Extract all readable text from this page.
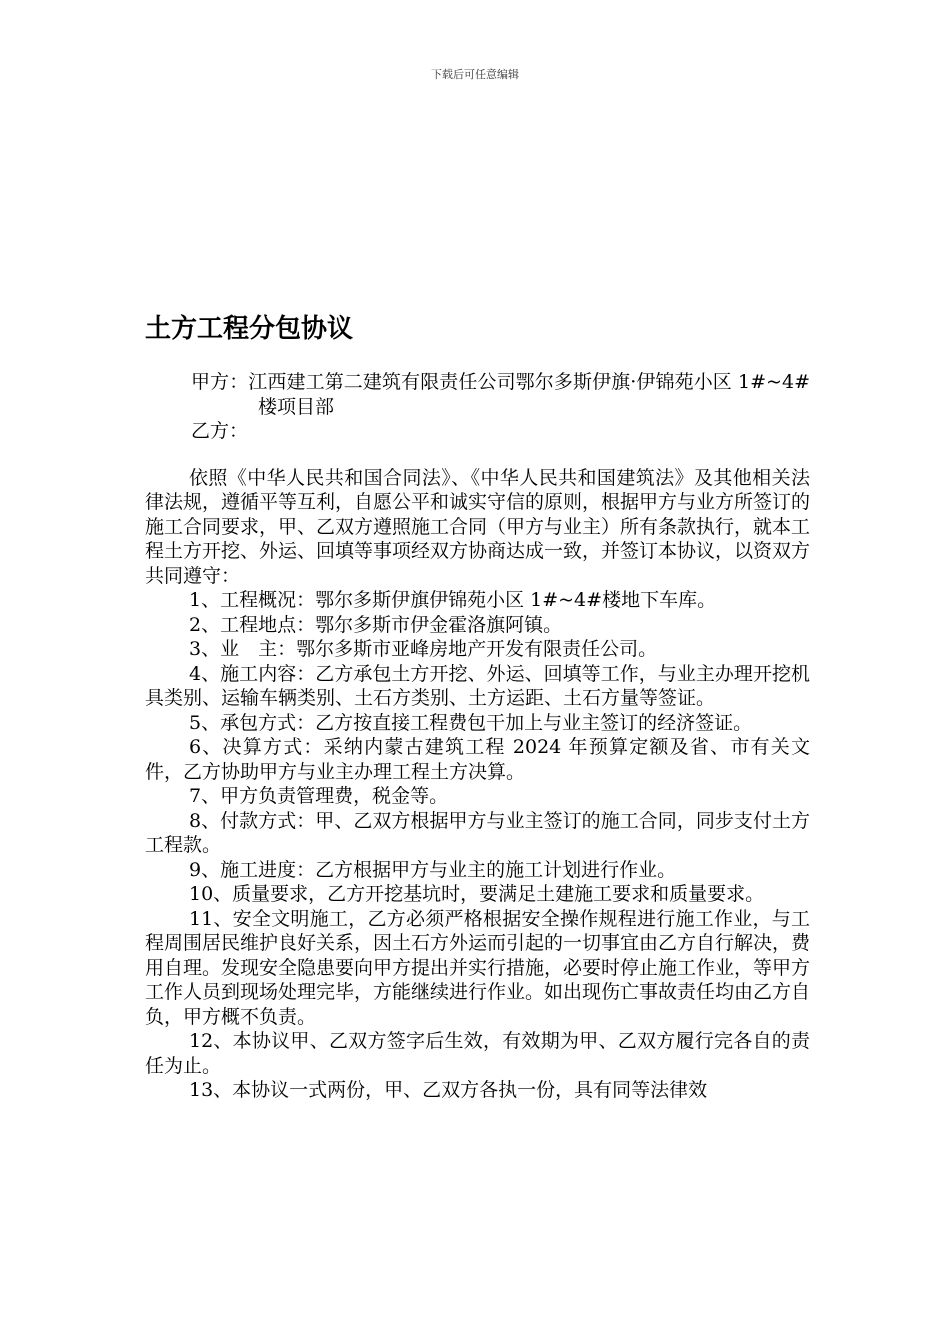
下载后可任意编辑
土方工程分包协议

甲方：江西建工第二建筑有限责任公司鄂尔多斯伊旗·伊锦苑小区 1#~4#楼项目部

乙方：

依照《中华人民共和国合同法》、《中华人民共和国建筑法》及其他相关法律法规，遵循平等互利，自愿公平和诚实守信的原则，根据甲方与业方所签订的施工合同要求，甲、乙双方遵照施工合同（甲方与业主）所有条款执行，就本工程土方开挖、外运、回填等事项经双方协商达成一致，并签订本协议，以资双方共同遵守：

1、工程概况：鄂尔多斯伊旗伊锦苑小区 1#~4#楼地下车库。

2、工程地点：鄂尔多斯市伊金霍洛旗阿镇。

3、业　主：鄂尔多斯市亚峰房地产开发有限责任公司。

4、施工内容：乙方承包土方开挖、外运、回填等工作，与业主办理开挖机具类别、运输车辆类别、土石方类别、土方运距、土石方量等签证。

5、承包方式：乙方按直接工程费包干加上与业主签订的经济签证。

6、决算方式：采纳内蒙古建筑工程 2024 年预算定额及省、市有关文件，乙方协助甲方与业主办理工程土方决算。

7、甲方负责管理费，税金等。

8、付款方式：甲、乙双方根据甲方与业主签订的施工合同，同步支付土方工程款。

9、施工进度：乙方根据甲方与业主的施工计划进行作业。

10、质量要求，乙方开挖基坑时，要满足土建施工要求和质量要求。

11、安全文明施工，乙方必须严格根据安全操作规程进行施工作业，与工程周围居民维护良好关系，因土石方外运而引起的一切事宜由乙方自行解决，费用自理。发现安全隐患要向甲方提出并实行措施，必要时停止施工作业，等甲方工作人员到现场处理完毕，方能继续进行作业。如出现伤亡事故责任均由乙方自负，甲方概不负责。

12、本协议甲、乙双方签字后生效，有效期为甲、乙双方履行完各自的责任为止。

13、本协议一式两份，甲、乙双方各执一份，具有同等法律效
